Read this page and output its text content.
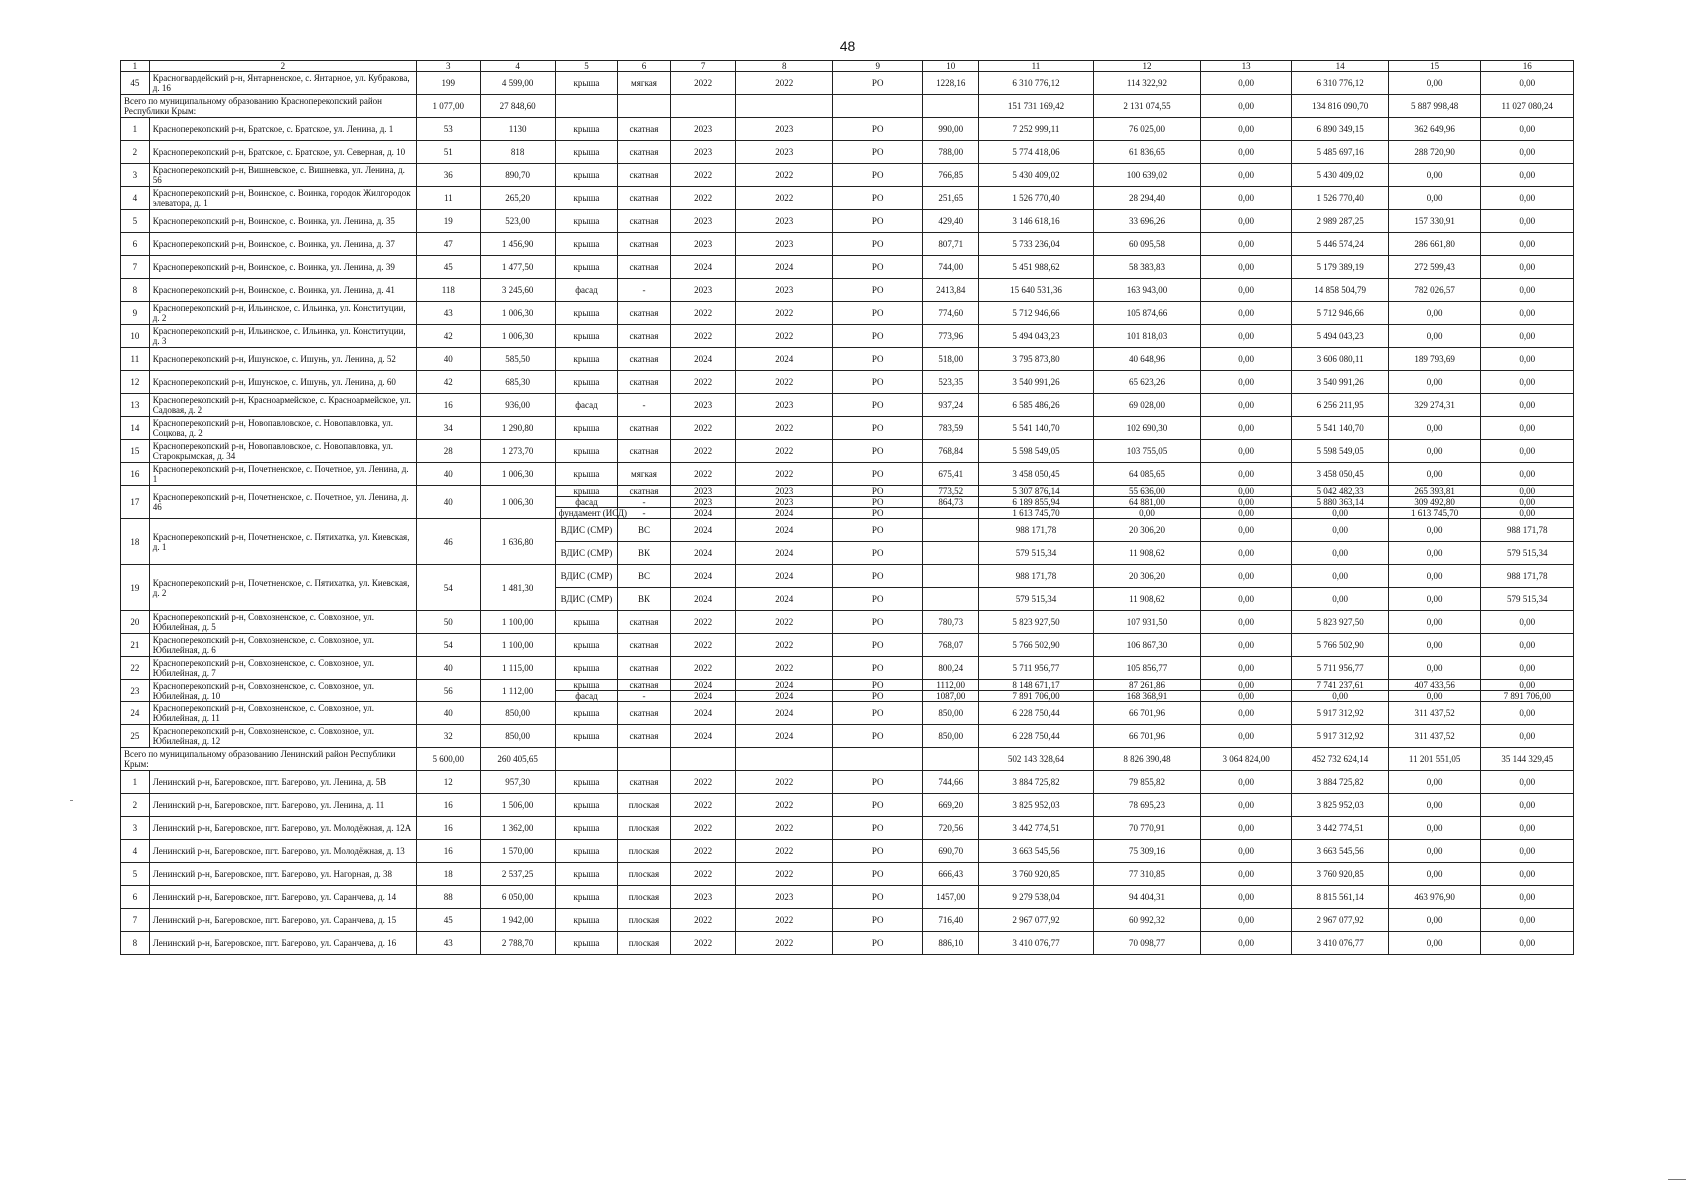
48
1	2	3	4	5	6	7	8	9	10	11	12	13	14	15	16
45	Красногвардейский р-н, Янтарненское, с. Янтарное, ул. Кубракова, д. 16	199	4 599,00	крыша	мягкая	2022	2022	РО	1228,16	6 310 776,12	114 322,92	0,00	6 310 776,12	0,00	0,00
Всего по муниципальному образованию Красноперекопский район Республики Крым:		1 077,00	27 848,60							151 731 169,42	2 131 074,55	0,00	134 816 090,70	5 887 998,48	11 027 080,24
1	Красноперекопский р-н, Братское, с. Братское, ул. Ленина, д. 1	53	1130	крыша	скатная	2023	2023	РО	990,00	7 252 999,11	76 025,00	0,00	6 890 349,15	362 649,96	0,00
2	Красноперекопский р-н, Братское, с. Братское, ул. Северная, д. 10	51	818	крыша	скатная	2023	2023	РО	788,00	5 774 418,06	61 836,65	0,00	5 485 697,16	288 720,90	0,00
3	Красноперекопский р-н, Вишневское, с. Вишневка, ул. Ленина, д. 56	36	890,70	крыша	скатная	2022	2022	РО	766,85	5 430 409,02	100 639,02	0,00	5 430 409,02	0,00	0,00
4	Красноперекопский р-н, Воинское, с. Воинка, городок Жилгородок элеватора, д. 1	11	265,20	крыша	скатная	2022	2022	РО	251,65	1 526 770,40	28 294,40	0,00	1 526 770,40	0,00	0,00
5	Красноперекопский р-н, Воинское, с. Воинка, ул. Ленина, д. 35	19	523,00	крыша	скатная	2023	2023	РО	429,40	3 146 618,16	33 696,26	0,00	2 989 287,25	157 330,91	0,00
6	Красноперекопский р-н, Воинское, с. Воинка, ул. Ленина, д. 37	47	1 456,90	крыша	скатная	2023	2023	РО	807,71	5 733 236,04	60 095,58	0,00	5 446 574,24	286 661,80	0,00
7	Красноперекопский р-н, Воинское, с. Воинка, ул. Ленина, д. 39	45	1 477,50	крыша	скатная	2024	2024	РО	744,00	5 451 988,62	58 383,83	0,00	5 179 389,19	272 599,43	0,00
8	Красноперекопский р-н, Воинское, с. Воинка, ул. Ленина, д. 41	118	3 245,60	фасад	-	2023	2023	РО	2413,84	15 640 531,36	163 943,00	0,00	14 858 504,79	782 026,57	0,00
9	Красноперекопский р-н, Ильинское, с. Ильинка, ул. Конституции, д. 2	43	1 006,30	крыша	скатная	2022	2022	РО	774,60	5 712 946,66	105 874,66	0,00	5 712 946,66	0,00	0,00
10	Красноперекопский р-н, Ильинское, с. Ильинка, ул. Конституции, д. 3	42	1 006,30	крыша	скатная	2022	2022	РО	773,96	5 494 043,23	101 818,03	0,00	5 494 043,23	0,00	0,00
11	Красноперекопский р-н, Ишунское, с. Ишунь, ул. Ленина, д. 52	40	585,50	крыша	скатная	2024	2024	РО	518,00	3 795 873,80	40 648,96	0,00	3 606 080,11	189 793,69	0,00
12	Красноперекопский р-н, Ишунское, с. Ишунь, ул. Ленина, д. 60	42	685,30	крыша	скатная	2022	2022	РО	523,35	3 540 991,26	65 623,26	0,00	3 540 991,26	0,00	0,00
13	Красноперекопский р-н, Красноармейское, с. Красноармейское, ул. Садовая, д. 2	16	936,00	фасад	-	2023	2023	РО	937,24	6 585 486,26	69 028,00	0,00	6 256 211,95	329 274,31	0,00
14	Красноперекопский р-н, Новопавловское, с. Новопавловка, ул. Соцкова, д. 2	34	1 290,80	крыша	скатная	2022	2022	РО	783,59	5 541 140,70	102 690,30	0,00	5 541 140,70	0,00	0,00
15	Красноперекопский р-н, Новопавловское, с. Новопавловка, ул. Старокрымская, д. 34	28	1 273,70	крыша	скатная	2022	2022	РО	768,84	5 598 549,05	103 755,05	0,00	5 598 549,05	0,00	0,00
16	Красноперекопский р-н, Почетненское, с. Почетное, ул. Ленина, д. 1	40	1 006,30	крыша	мягкая	2022	2022	РО	675,41	3 458 050,45	64 085,65	0,00	3 458 050,45	0,00	0,00
17	Красноперекопский р-н, Почетненское, с. Почетное, ул. Ленина, д. 46	40	1 006,30	крыша	скатная	2023	2023	РО	773,52	5 307 876,14	55 636,00	0,00	5 042 482,33	265 393,81	0,00
				фасад	-	2023	2023	РО	864,73	6 189 855,94	64 881,00	0,00	5 880 363,14	309 492,80	0,00
				фундамент (ИСД)	-	2024	2024	РО		1 613 745,70	0,00	0,00	0,00	1 613 745,70	0,00
18	Красноперекопский р-н, Почетненское, с. Пятихатка, ул. Киевская, д. 1	46	1 636,80	ВДИС (СМР)	ВС	2024	2024	РО		988 171,78	20 306,20	0,00	0,00	0,00	988 171,78
				ВДИС (СМР)	ВК	2024	2024	РО		579 515,34	11 908,62	0,00	0,00	0,00	579 515,34
19	Красноперекопский р-н, Почетненское, с. Пятихатка, ул. Киевская, д. 2	54	1 481,30	ВДИС (СМР)	ВС	2024	2024	РО		988 171,78	20 306,20	0,00	0,00	0,00	988 171,78
				ВДИС (СМР)	ВК	2024	2024	РО		579 515,34	11 908,62	0,00	0,00	0,00	579 515,34
20	Красноперекопский р-н, Совхозненское, с. Совхозное, ул. Юбилейная, д. 5	50	1 100,00	крыша	скатная	2022	2022	РО	780,73	5 823 927,50	107 931,50	0,00	5 823 927,50	0,00	0,00
21	Красноперекопский р-н, Совхозненское, с. Совхозное, ул. Юбилейная, д. 6	54	1 100,00	крыша	скатная	2022	2022	РО	768,07	5 766 502,90	106 867,30	0,00	5 766 502,90	0,00	0,00
22	Красноперекопский р-н, Совхозненское, с. Совхозное, ул. Юбилейная, д. 7	40	1 115,00	крыша	скатная	2022	2022	РО	800,24	5 711 956,77	105 856,77	0,00	5 711 956,77	0,00	0,00
23	Красноперекопский р-н, Совхозненское, с. Совхозное, ул. Юбилейная, д. 10	56	1 112,00	крыша	скатная	2024	2024	РО	1112,00	8 148 671,17	87 261,86	0,00	7 741 237,61	407 433,56	0,00
				фасад	-	2024	2024	РО	1087,00	7 891 706,00	168 368,91	0,00	0,00	0,00	7 891 706,00
24	Красноперекопский р-н, Совхозненское, с. Совхозное, ул. Юбилейная, д. 11	40	850,00	крыша	скатная	2024	2024	РО	850,00	6 228 750,44	66 701,96	0,00	5 917 312,92	311 437,52	0,00
25	Красноперекопский р-н, Совхозненское, с. Совхозное, ул. Юбилейная, д. 12	32	850,00	крыша	скатная	2024	2024	РО	850,00	6 228 750,44	66 701,96	0,00	5 917 312,92	311 437,52	0,00
Всего по муниципальному образованию Ленинский район Республики Крым:		5 600,00	260 405,65							502 143 328,64	8 826 390,48	3 064 824,00	452 732 624,14	11 201 551,05	35 144 329,45
1	Ленинский р-н, Багеровское, пгт. Багерово, ул. Ленина, д. 5В	12	957,30	крыша	скатная	2022	2022	РО	744,66	3 884 725,82	79 855,82	0,00	3 884 725,82	0,00	0,00
2	Ленинский р-н, Багеровское, пгт. Багерово, ул. Ленина, д. 11	16	1 506,00	крыша	плоская	2022	2022	РО	669,20	3 825 952,03	78 695,23	0,00	3 825 952,03	0,00	0,00
3	Ленинский р-н, Багеровское, пгт. Багерово, ул. Молодёжная, д. 12А	16	1 362,00	крыша	плоская	2022	2022	РО	720,56	3 442 774,51	70 770,91	0,00	3 442 774,51	0,00	0,00
4	Ленинский р-н, Багеровское, пгт. Багерово, ул. Молодёжная, д. 13	16	1 570,00	крыша	плоская	2022	2022	РО	690,70	3 663 545,56	75 309,16	0,00	3 663 545,56	0,00	0,00
5	Ленинский р-н, Багеровское, пгт. Багерово, ул. Нагорная, д. 38	18	2 537,25	крыша	плоская	2022	2022	РО	666,43	3 760 920,85	77 310,85	0,00	3 760 920,85	0,00	0,00
6	Ленинский р-н, Багеровское, пгт. Багерово, ул. Саранчева, д. 14	88	6 050,00	крыша	плоская	2023	2023	РО	1457,00	9 279 538,04	94 404,31	0,00	8 815 561,14	463 976,90	0,00
7	Ленинский р-н, Багеровское, пгт. Багерово, ул. Саранчева, д. 15	45	1 942,00	крыша	плоская	2022	2022	РО	716,40	2 967 077,92	60 992,32	0,00	2 967 077,92	0,00	0,00
8	Ленинский р-н, Багеровское, пгт. Багерово, ул. Саранчева, д. 16	43	2 788,70	крыша	плоская	2022	2022	РО	886,10	3 410 076,77	70 098,77	0,00	3 410 076,77	0,00	0,00
